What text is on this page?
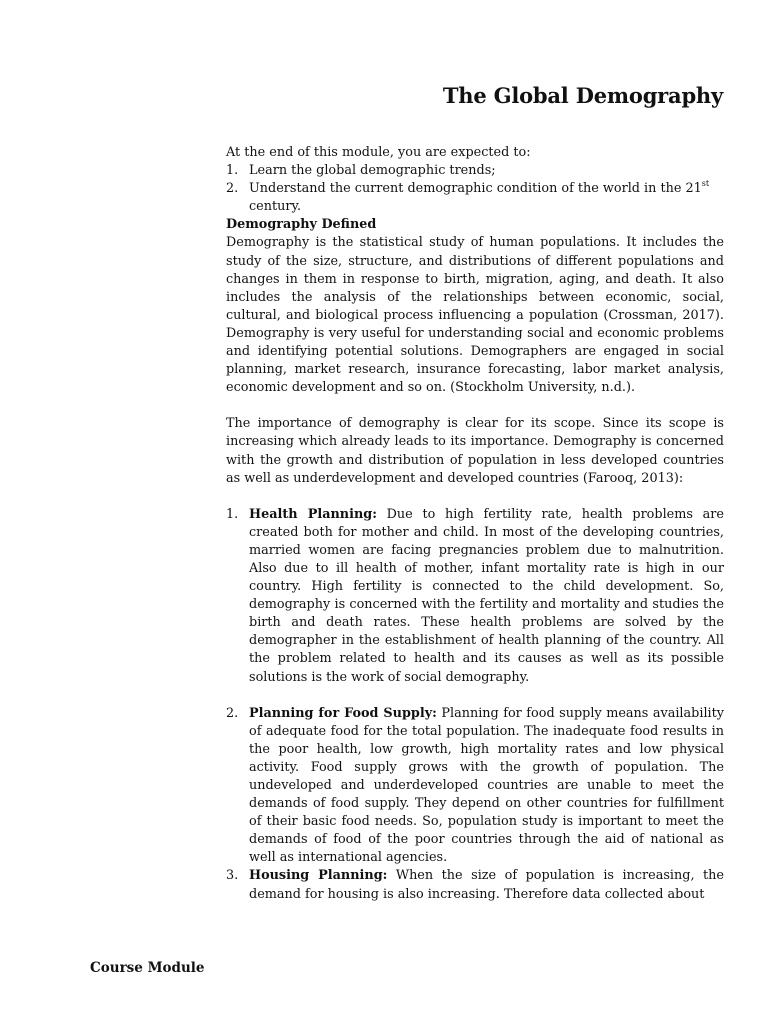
The Global Demography

At the end of this module, you are expected to:

1. Learn the global demographic trends;
2. Understand the current demographic condition of the world in the 21st century.

Demography Defined

Demography is the statistical study of human populations. It includes the study of the size, structure, and distributions of different populations and changes in them in response to birth, migration, aging, and death. It also includes the analysis of the relationships between economic, social, cultural, and biological process influencing a population (Crossman, 2017). Demography is very useful for understanding social and economic problems and identifying potential solutions. Demographers are engaged in social planning, market research, insurance forecasting, labor market analysis, economic development and so on. (Stockholm University, n.d.).

The importance of demography is clear for its scope. Since its scope is increasing which already leads to its importance. Demography is concerned with the growth and distribution of population in less developed countries as well as underdevelopment and developed countries (Farooq, 2013):

1. Health Planning: Due to high fertility rate, health problems are created both for mother and child. In most of the developing countries, married women are facing pregnancies problem due to malnutrition. Also due to ill health of mother, infant mortality rate is high in our country. High fertility is connected to the child development. So, demography is concerned with the fertility and mortality and studies the birth and death rates. These health problems are solved by the demographer in the establishment of health planning of the country. All the problem related to health and its causes as well as its possible solutions is the work of social demography.
2. Planning for Food Supply: Planning for food supply means availability of adequate food for the total population. The inadequate food results in the poor health, low growth, high mortality rates and low physical activity. Food supply grows with the growth of population. The undeveloped and underdeveloped countries are unable to meet the demands of food supply. They depend on other countries for fulfillment of their basic food needs. So, population study is important to meet the demands of food of the poor countries through the aid of national as well as international agencies.
3. Housing Planning: When the size of population is increasing, the demand for housing is also increasing. Therefore data collected about
Course Module
